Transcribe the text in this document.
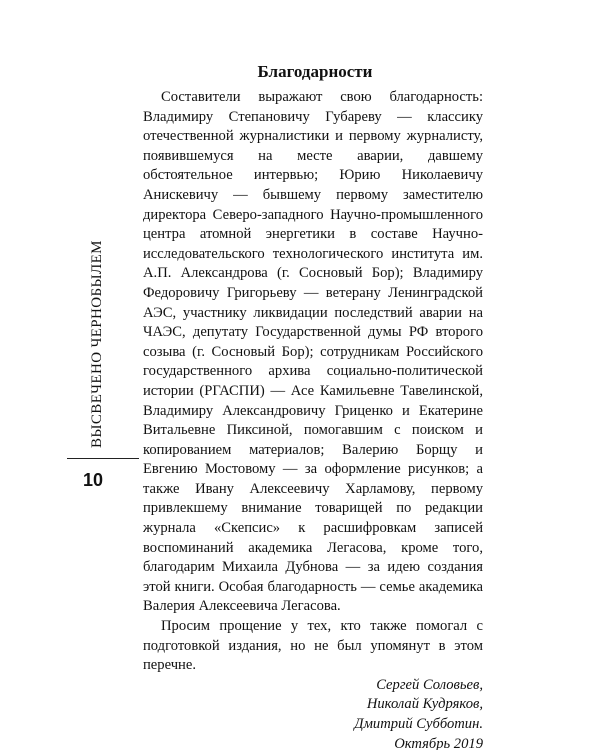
ВЫСВЕЧЕНО ЧЕРНОБЫЛЕМ
10
Благодарности

Составители выражают свою благодарность: Владимиру Степановичу Губареву — классику отечественной журналистики и первому журналисту, появившемуся на месте аварии, давшему обстоятельное интервью; Юрию Николаевичу Анискевичу — бывшему первому заместителю директора Северо-западного Научно-промышленного центра атомной энергетики в составе Научно-исследовательского технологического института им. А.П. Александрова (г. Сосновый Бор); Владимиру Федоровичу Григорьеву — ветерану Ленинградской АЭС, участнику ликвидации последствий аварии на ЧАЭС, депутату Государственной думы РФ второго созыва (г. Сосновый Бор); сотрудникам Российского государственного архива социально-политической истории (РГАСПИ) — Асе Камильевне Тавелинской, Владимиру Александровичу Гриценко и Екатерине Витальевне Пиксиной, помогавшим с поиском и копированием материалов; Валерию Борщу и Евгению Мостовому — за оформление рисунков; а также Ивану Алексеевичу Харламову, первому привлекшему внимание товарищей по редакции журнала «Скепсис» к расшифровкам записей воспоминаний академика Легасова, кроме того, благодарим Михаила Дубнова — за идею создания этой книги. Особая благодарность — семье академика Валерия Алексеевича Легасова.

Просим прощение у тех, кто также помогал с подготовкой издания, но не был упомянут в этом перечне.

Сергей Соловьев,
Николай Кудряков,
Дмитрий Субботин.
Октябрь 2019
